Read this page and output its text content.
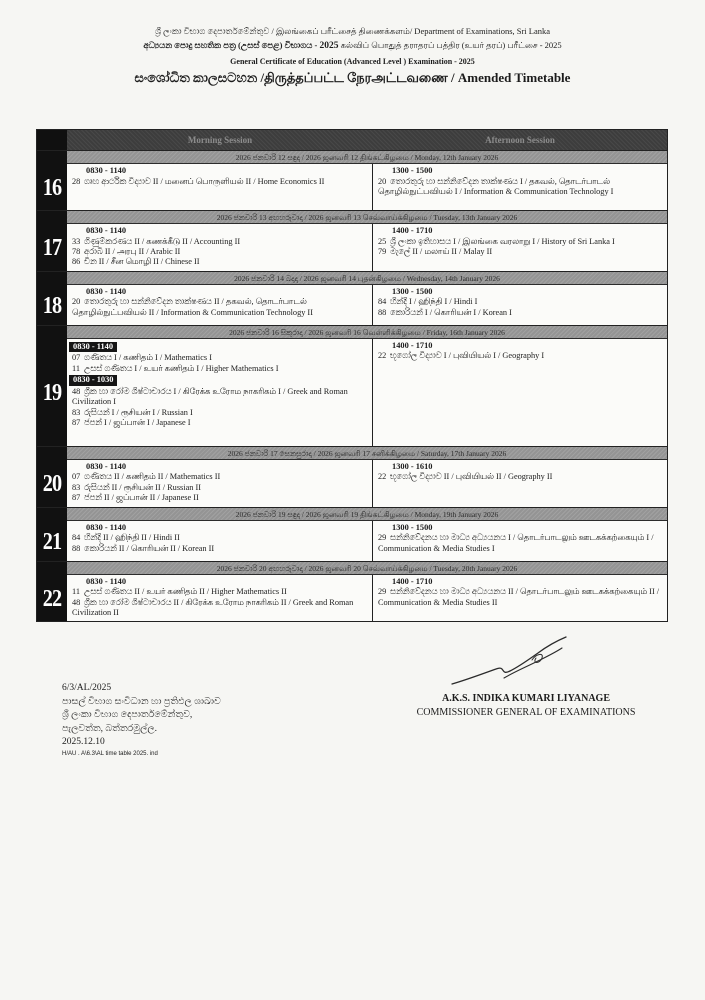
ශ්‍රී ලංකා විභාග දෙපාර්තමේන්තුව / இலங்கைப் பரீட்சைத் திணைக்களம்/ Department of Examinations, Sri Lanka
අධ්‍යයන පොදු සහතික පත්‍ර (උසස් පෙළ) විභාගය - 2025 கல்விப் பொதுத் தராதரப் பத்திர (உயர் தரப்) பரீட்சை - 2025
General Certificate of Education (Advanced Level ) Examination - 2025
සංශෝධිත කාලසටහන /திருத்தப்பட்ட நேரஅட்டவணை / Amended Timetable
Morning Session	Afternoon Session
16
2026 ජනවාරි 12 සඳුදා / 2026 ஜனவரி 12 திங்கட்கிழமை / Monday, 12th January 2026
0830 - 1140
28 ගෘහ ආර්ථික විද්‍යාව II / மனைப் பொருளியல் II / Home Economics II
1300 - 1500
20 තොරතුරු හා සන්නිවේදන තාක්ෂණය I / தகவல், தொடர்பாடல் தொழில்நுட்பவியல் I / Information & Communication Technology I
17
2026 ජනවාරි 13 අඟහරුවාදා / 2026 ஜனவரி 13 செவ்வாய்க்கிழமை / Tuesday, 13th January 2026
0830 - 1140
33 ගිණුම්කරණය II / கணக்கீடு II / Accounting II
78 අරාබි II / அரபு II / Arabic II
86 චීන II / சீன மொழி II / Chinese II
1400 - 1710
25 ශ්‍රී ලංකා ඉතිහාසය I / இலங்கை வரலாறு I / History of Sri Lanka I
79 මැලේ II / மலாய் II / Malay II
18
2026 ජනවාරි 14 බදාදා / 2026 ஜனவரி 14 புதன்கிழமை / Wednesday, 14th January 2026
0830 - 1140
20 තොරතුරු හා සන්නිවේදන තාක්ෂණය II / தகவல், தொடர்பாடல் தொழில்நுட்பவியல் II / Information & Communication Technology II
1300 - 1500
84 හින්දි I / ஹிந்தி I / Hindi I
88 කොරියන් I / கொரியன் I / Korean I
19
2026 ජනවාරි 16 සිකුරාදා / 2026 ஜனவரி 16 வெள்ளிக்கிழமை / Friday, 16th January 2026
0830 - 1140
07 ගණිතය I / கணிதம் I / Mathematics I
11 උසස් ගණිතය I / உயர் கணிதம் I / Higher Mathematics I
0830 - 1030
48 ග්‍රීක හා රෝම ශිෂ්ටාචාරය I / கிரேக்க உரோம நாகரிகம் I / Greek and Roman Civilization I
83 රුසියන් I / ரூசியன் I / Russian I
87 ජපන් I / ஜப்பான் I / Japanese I
1400 - 1710
22 භූගෝල විද්‍යාව I / புவியியல் I / Geography I
20
2026 ජනවාරි 17 සෙනසුරාදා / 2026 ஜனவரி 17 சனிக்கிழமை / Saturday, 17th January 2026
0830 - 1140
07 ගණිතය II / கணிதம் II / Mathematics II
83 රුසියන් II / ரூசியன் II / Russian II
87 ජපන් II / ஜப்பான் II / Japanese II
1300 - 1610
22 භූගෝල විද්‍යාව II / புவியியல் II / Geography II
21
2026 ජනවාරි 19 සඳුදා / 2026 ஜனவரி 19 திங்கட்கிழமை / Monday, 19th January 2026
0830 - 1140
84 හින්දි II / ஹிந்தி II / Hindi II
88 කොරියන් II / கொரியன் II / Korean II
1300 - 1500
29 සන්නිවේදනය හා මාධ්‍ය අධ්‍යයනය I / தொடர்பாடலும் ஊடகக்கற்கையும் I / Communication & Media Studies I
22
2026 ජනවාරි 20 අඟහරුවාදා / 2026 ஜனவரி 20 செவ்வாய்க்கிழமை / Tuesday, 20th January 2026
0830 - 1140
11 උසස් ගණිතය II / உயர் கணிதம் II / Higher Mathematics II
48 ග්‍රීක හා රෝම ශිෂ්ටාචාරය II / கிரேக்க உரோம நாகரிகம் II / Greek and Roman Civilization II
1400 - 1710
29 සන්නිවේදනය හා මාධ්‍ය අධ්‍යයනය II / தொடர்பாடலும் ஊடகக்கற்கையும் II / Communication & Media Studies II
6/3/AL/2025
පාසල් විභාග සංවිධාන හා ප්‍රතිඵල ශාඛාව
ශ්‍රී ලංකා විභාග දෙපාර්තමේන්තුව,
පැලවත්ත, බත්තරමුල්ල.
2025.12.10
H/AU . A\6.3\AL time table 2025. ind
A.K.S. INDIKA KUMARI LIYANAGE
COMMISSIONER GENERAL OF EXAMINATIONS
